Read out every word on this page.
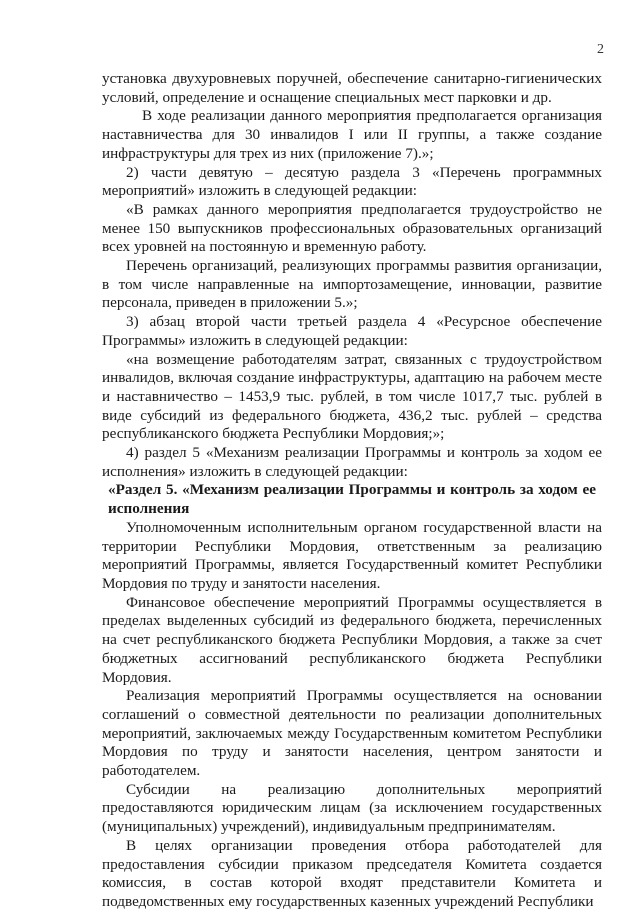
2

установка двухуровневых поручней, обеспечение санитарно-гигиенических условий, определение и оснащение специальных мест парковки и др.

В ходе реализации данного мероприятия предполагается организация наставничества для 30 инвалидов I или II группы, а также создание инфраструктуры для трех из них (приложение 7).»;

2) части девятую – десятую раздела 3 «Перечень программных мероприятий» изложить в следующей редакции:

«В рамках данного мероприятия предполагается трудоустройство не менее 150 выпускников профессиональных образовательных организаций всех уровней на постоянную и временную работу.

Перечень организаций, реализующих программы развития организации, в том числе направленные на импортозамещение, инновации, развитие персонала, приведен в приложении 5.»;

3) абзац второй части третьей раздела 4 «Ресурсное обеспечение Программы» изложить в следующей редакции:

«на возмещение работодателям затрат, связанных с трудоустройством инвалидов, включая создание инфраструктуры, адаптацию на рабочем месте и наставничество – 1453,9 тыс. рублей, в том числе 1017,7 тыс. рублей в виде субсидий из федерального бюджета, 436,2 тыс. рублей – средства республиканского бюджета Республики Мордовия;»;

4) раздел 5 «Механизм реализации Программы и контроль за ходом ее исполнения» изложить в следующей редакции:

«Раздел 5. «Механизм реализации Программы и контроль за ходом ее исполнения

Уполномоченным исполнительным органом государственной власти на территории Республики Мордовия, ответственным за реализацию мероприятий Программы, является Государственный комитет Республики Мордовия по труду и занятости населения.

Финансовое обеспечение мероприятий Программы осуществляется в пределах выделенных субсидий из федерального бюджета, перечисленных на счет республиканского бюджета Республики Мордовия, а также за счет бюджетных ассигнований республиканского бюджета Республики Мордовия.

Реализация мероприятий Программы осуществляется на основании соглашений о совместной деятельности по реализации дополнительных мероприятий, заключаемых между Государственным комитетом Республики Мордовия по труду и занятости населения, центром занятости и работодателем.

Субсидии на реализацию дополнительных мероприятий предоставляются юридическим лицам (за исключением государственных (муниципальных) учреждений), индивидуальным предпринимателям.

В целях организации проведения отбора работодателей для предоставления субсидии приказом председателя Комитета создается комиссия, в состав которой входят представители Комитета и подведомственных ему государственных казенных учреждений Республики
